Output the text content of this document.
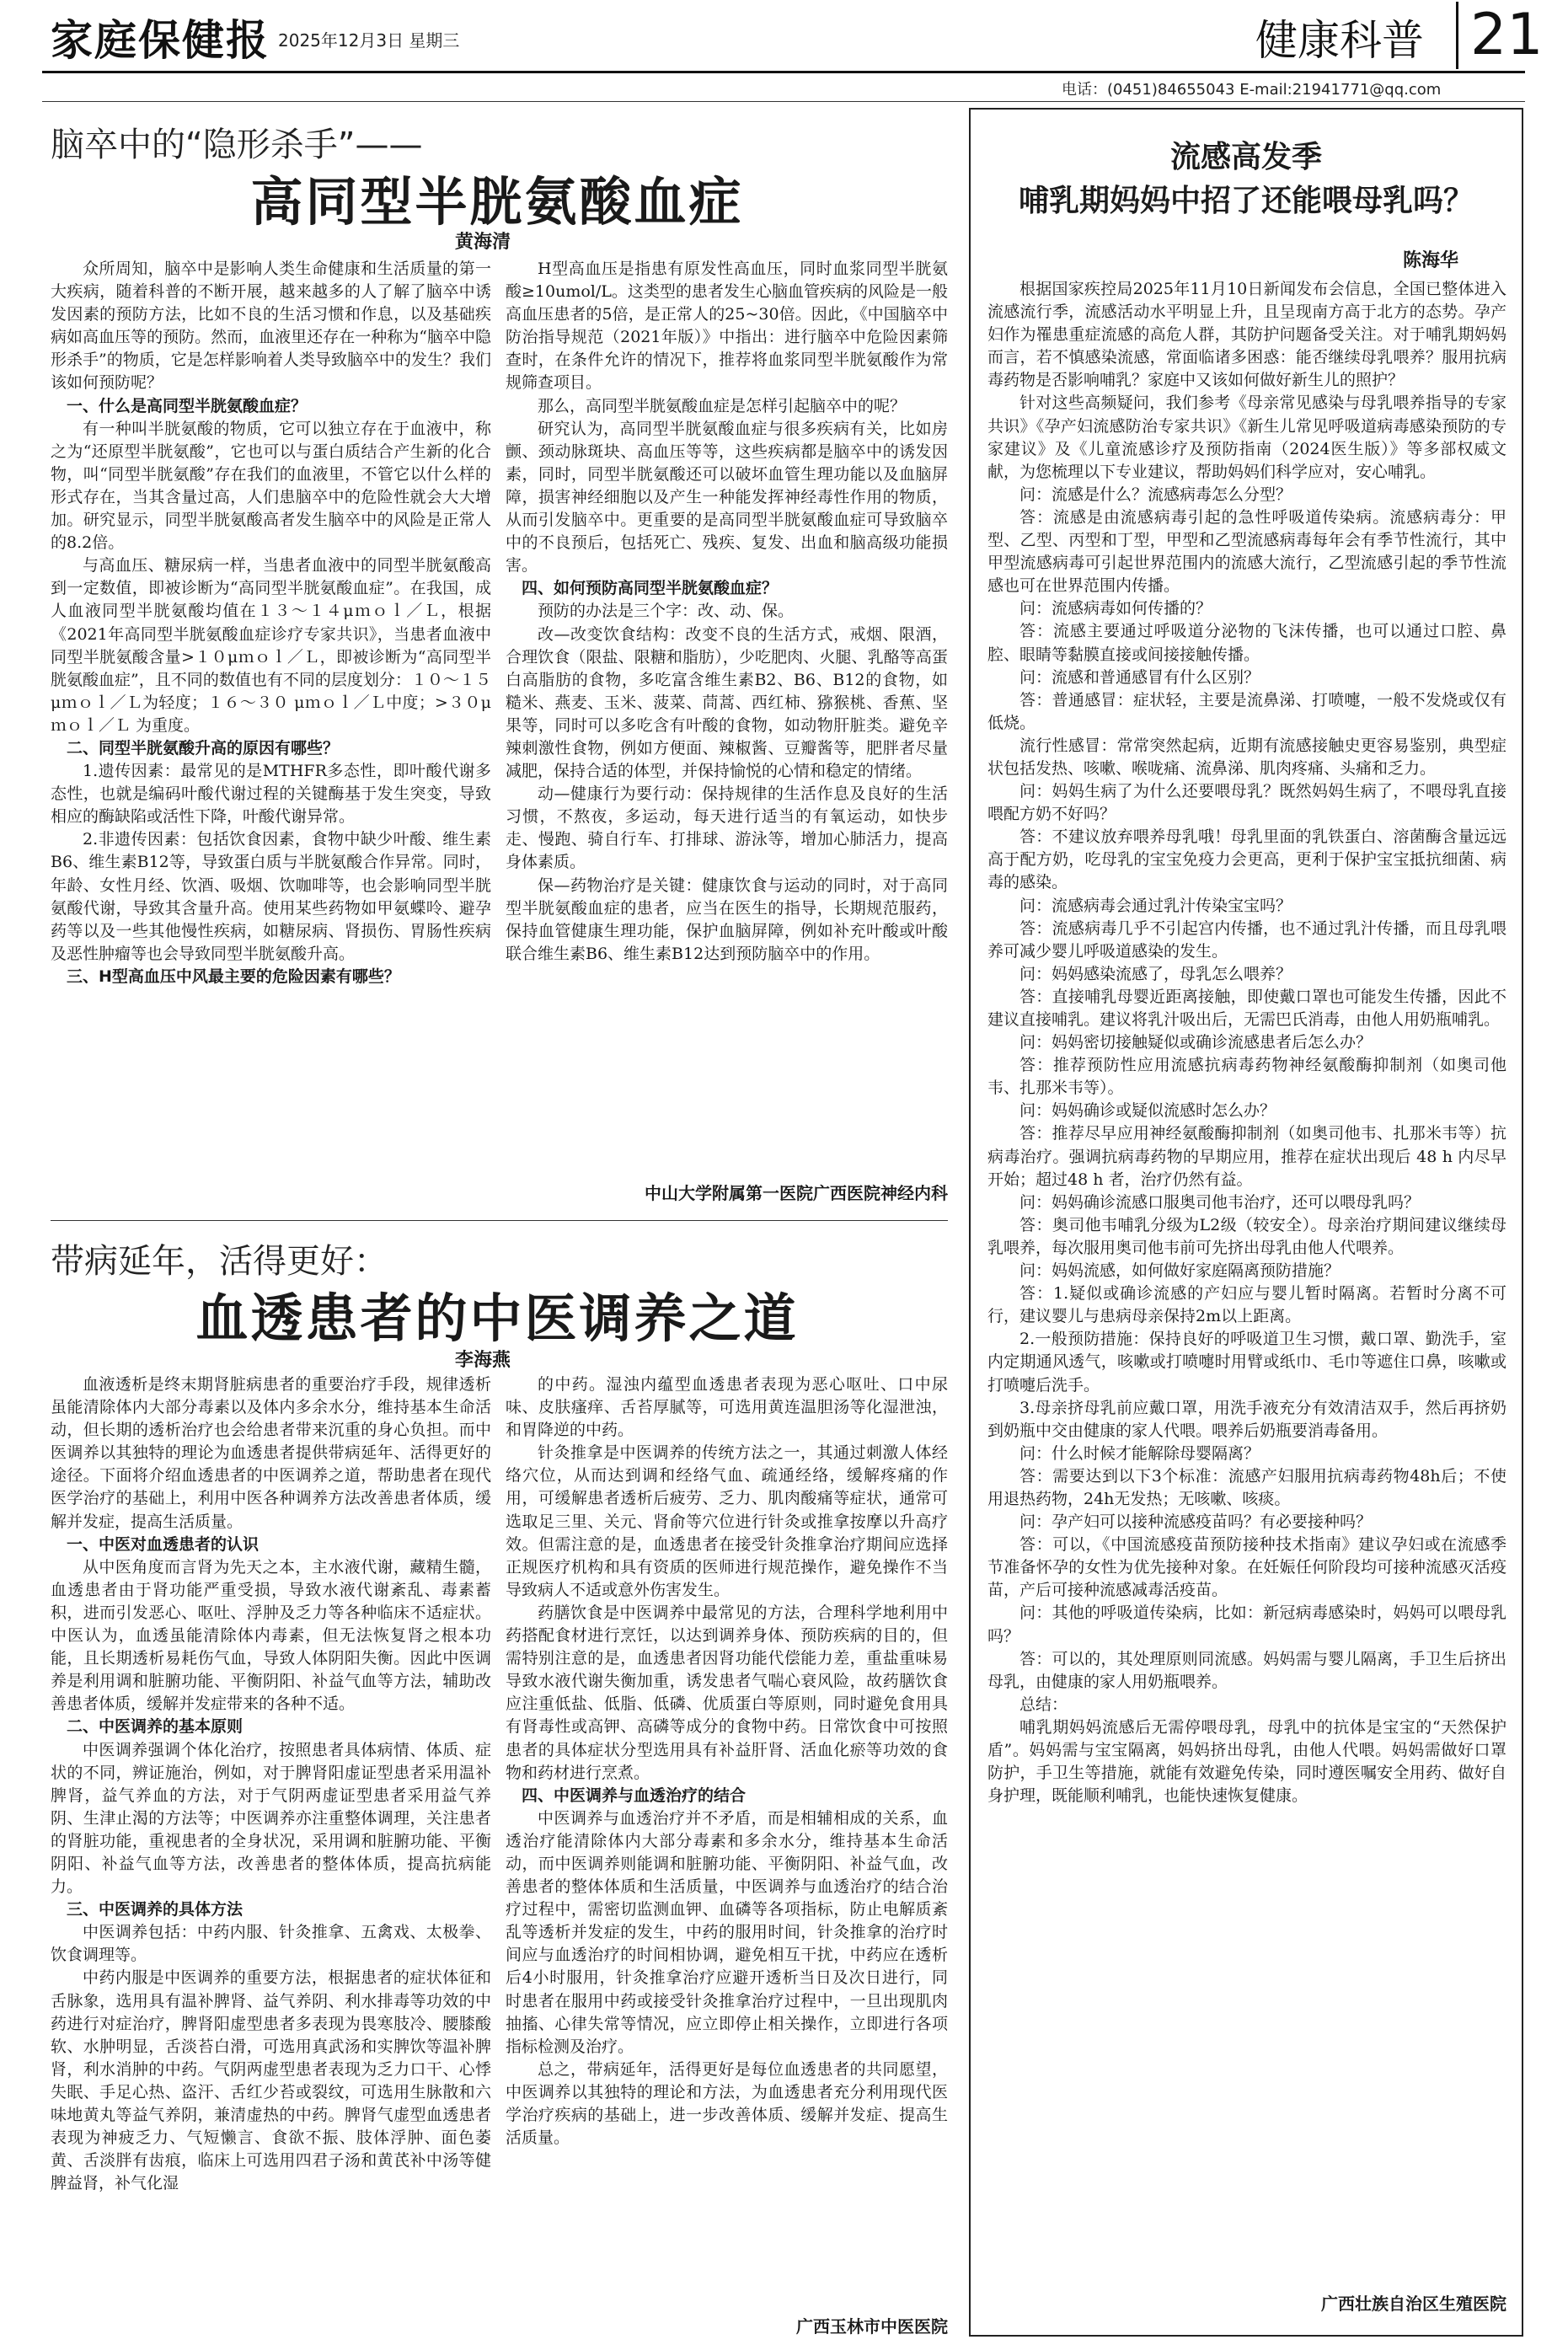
家庭保健报 2025年12月3日 星期三	健康科普 21
电话：(0451)84655043 E-mail:21941771@qq.com
脑卒中的“隐形杀手”——
高同型半胱氨酸血症
黄海清

众所周知，脑卒中是影响人类生命健康和生活质量的第一大疾病，随着科普的不断开展，越来越多的人了解了脑卒中诱发因素的预防方法，比如不良的生活习惯和作息，以及基础疾病如高血压等的预防。然而，血液里还存在一种称为“脑卒中隐形杀手”的物质，它是怎样影响着人类导致脑卒中的发生？我们该如何预防呢？

一、什么是高同型半胱氨酸血症？

有一种叫半胱氨酸的物质，它可以独立存在于血液中，称之为“还原型半胱氨酸”，它也可以与蛋白质结合产生新的化合物，叫“同型半胱氨酸”存在我们的血液里，不管它以什么样的形式存在，当其含量过高，人们患脑卒中的危险性就会大大增加。研究显示，同型半胱氨酸高者发生脑卒中的风险是正常人的8.2倍。

与高血压、糖尿病一样，当患者血液中的同型半胱氨酸高到一定数值，即被诊断为“高同型半胱氨酸血症”。在我国，成人血液同型半胱氨酸均值在１３～１４μｍｏｌ／Ｌ，根据《2021年高同型半胱氨酸血症诊疗专家共识》，当患者血液中同型半胱氨酸含量>１０μｍｏｌ／Ｌ，即被诊断为“高同型半胱氨酸血症”，且不同的数值也有不同的层度划分：１０～１５ μｍｏｌ／Ｌ为轻度；１６～３０ μｍｏｌ／Ｌ中度；>３０μｍｏｌ／Ｌ 为重度。

二、同型半胱氨酸升高的原因有哪些？

1.遗传因素：最常见的是MTHFR多态性，即叶酸代谢多态性，也就是编码叶酸代谢过程的关键酶基于发生突变，导致相应的酶缺陷或活性下降，叶酸代谢异常。

2.非遗传因素：包括饮食因素，食物中缺少叶酸、维生素B6、维生素B12等，导致蛋白质与半胱氨酸合作异常。同时，年龄、女性月经、饮酒、吸烟、饮咖啡等，也会影响同型半胱氨酸代谢，导致其含量升高。使用某些药物如甲氨蝶呤、避孕药等以及一些其他慢性疾病，如糖尿病、肾损伤、胃肠性疾病及恶性肿瘤等也会导致同型半胱氨酸升高。

三、H型高血压中风最主要的危险因素有哪些？

H型高血压是指患有原发性高血压，同时血浆同型半胱氨酸≥10umol/L。这类型的患者发生心脑血管疾病的风险是一般高血压患者的5倍，是正常人的25~30倍。因此，《中国脑卒中防治指导规范（2021年版）》中指出：进行脑卒中危险因素筛查时，在条件允许的情况下，推荐将血浆同型半胱氨酸作为常规筛查项目。

那么，高同型半胱氨酸血症是怎样引起脑卒中的呢？

研究认为，高同型半胱氨酸血症与很多疾病有关，比如房颤、颈动脉斑块、高血压等等，这些疾病都是脑卒中的诱发因素，同时，同型半胱氨酸还可以破坏血管生理功能以及血脑屏障，损害神经细胞以及产生一种能发挥神经毒性作用的物质，从而引发脑卒中。更重要的是高同型半胱氨酸血症可导致脑卒中的不良预后，包括死亡、残疾、复发、出血和脑高级功能损害。

四、如何预防高同型半胱氨酸血症？

预防的办法是三个字：改、动、保。

改—改变饮食结构：改变不良的生活方式，戒烟、限酒，合理饮食（限盐、限糖和脂肪），少吃肥肉、火腿、乳酪等高蛋白高脂肪的食物，多吃富含维生素B2、B6、B12的食物，如糙米、燕麦、玉米、菠菜、茼蒿、西红柿、猕猴桃、香蕉、坚果等，同时可以多吃含有叶酸的食物，如动物肝脏类。避免辛辣刺激性食物，例如方便面、辣椒酱、豆瓣酱等，肥胖者尽量减肥，保持合适的体型，并保持愉悦的心情和稳定的情绪。

动—健康行为要行动：保持规律的生活作息及良好的生活习惯，不熬夜，多运动，每天进行适当的有氧运动，如快步走、慢跑、骑自行车、打排球、游泳等，增加心肺活力，提高身体素质。

保—药物治疗是关键：健康饮食与运动的同时，对于高同型半胱氨酸血症的患者，应当在医生的指导，长期规范服药，保持血管健康生理功能，保护血脑屏障，例如补充叶酸或叶酸联合维生素B6、维生素B12达到预防脑卒中的作用。

中山大学附属第一医院广西医院神经内科
带病延年，活得更好：
血透患者的中医调养之道
李海燕

血液透析是终末期肾脏病患者的重要治疗手段，规律透析虽能清除体内大部分毒素以及体内多余水分，维持基本生命活动，但长期的透析治疗也会给患者带来沉重的身心负担。而中医调养以其独特的理论为血透患者提供带病延年、活得更好的途径。下面将介绍血透患者的中医调养之道，帮助患者在现代医学治疗的基础上，利用中医各种调养方法改善患者体质，缓解并发症，提高生活质量。

一、中医对血透患者的认识

从中医角度而言肾为先天之本，主水液代谢，藏精生髓，血透患者由于肾功能严重受损，导致水液代谢紊乱、毒素蓄积，进而引发恶心、呕吐、浮肿及乏力等各种临床不适症状。中医认为，血透虽能清除体内毒素，但无法恢复肾之根本功能，且长期透析易耗伤气血，导致人体阴阳失衡。因此中医调养是利用调和脏腑功能、平衡阴阳、补益气血等方法，辅助改善患者体质，缓解并发症带来的各种不适。

二、中医调养的基本原则

中医调养强调个体化治疗，按照患者具体病情、体质、症状的不同，辨证施治，例如，对于脾肾阳虚证型患者采用温补脾肾，益气养血的方法，对于气阴两虚证型患者采用益气养阴、生津止渴的方法等；中医调养亦注重整体调理，关注患者的肾脏功能，重视患者的全身状况，采用调和脏腑功能、平衡阴阳、补益气血等方法，改善患者的整体体质，提高抗病能力。

三、中医调养的具体方法

中医调养包括：中药内服、针灸推拿、五禽戏、太极拳、饮食调理等。

中药内服是中医调养的重要方法，根据患者的症状体征和舌脉象，选用具有温补脾肾、益气养阴、利水排毒等功效的中药进行对症治疗，脾肾阳虚型患者多表现为畏寒肢冷、腰膝酸软、水肿明显，舌淡苔白滑，可选用真武汤和实脾饮等温补脾肾，利水消肿的中药。气阴两虚型患者表现为乏力口干、心悸失眠、手足心热、盗汗、舌红少苔或裂纹，可选用生脉散和六味地黄丸等益气养阴，兼清虚热的中药。脾肾气虚型血透患者表现为神疲乏力、气短懒言、食欲不振、肢体浮肿、面色萎黄、舌淡胖有齿痕，临床上可选用四君子汤和黄芪补中汤等健脾益肾，补气化湿

的中药。湿浊内蕴型血透患者表现为恶心呕吐、口中尿味、皮肤瘙痒、舌苔厚腻等，可选用黄连温胆汤等化湿泄浊，和胃降逆的中药。

针灸推拿是中医调养的传统方法之一，其通过刺激人体经络穴位，从而达到调和经络气血、疏通经络，缓解疼痛的作用，可缓解患者透析后疲劳、乏力、肌肉酸痛等症状，通常可选取足三里、关元、肾俞等穴位进行针灸或推拿按摩以升高疗效。但需注意的是，血透患者在接受针灸推拿治疗期间应选择正规医疗机构和具有资质的医师进行规范操作，避免操作不当导致病人不适或意外伤害发生。

药膳饮食是中医调养中最常见的方法，合理科学地利用中药搭配食材进行烹饪，以达到调养身体、预防疾病的目的，但需特别注意的是，血透患者因肾功能代偿能力差，重盐重味易导致水液代谢失衡加重，诱发患者气喘心衰风险，故药膳饮食应注重低盐、低脂、低磷、优质蛋白等原则，同时避免食用具有肾毒性或高钾、高磷等成分的食物中药。日常饮食中可按照患者的具体症状分型选用具有补益肝肾、活血化瘀等功效的食物和药材进行烹煮。

四、中医调养与血透治疗的结合

中医调养与血透治疗并不矛盾，而是相辅相成的关系，血透治疗能清除体内大部分毒素和多余水分，维持基本生命活动，而中医调养则能调和脏腑功能、平衡阴阳、补益气血，改善患者的整体体质和生活质量，中医调养与血透治疗的结合治疗过程中，需密切监测血钾、血磷等各项指标，防止电解质紊乱等透析并发症的发生，中药的服用时间，针灸推拿的治疗时间应与血透治疗的时间相协调，避免相互干扰，中药应在透析后4小时服用，针灸推拿治疗应避开透析当日及次日进行，同时患者在服用中药或接受针灸推拿治疗过程中，一旦出现肌肉抽搐、心律失常等情况，应立即停止相关操作，立即进行各项指标检测及治疗。

总之，带病延年，活得更好是每位血透患者的共同愿望，中医调养以其独特的理论和方法，为血透患者充分利用现代医学治疗疾病的基础上，进一步改善体质、缓解并发症、提高生活质量。

广西玉林市中医医院
流感高发季
哺乳期妈妈中招了还能喂母乳吗？
陈海华

根据国家疾控局2025年11月10日新闻发布会信息，全国已整体进入流感流行季，流感活动水平明显上升，且呈现南方高于北方的态势。孕产妇作为罹患重症流感的高危人群，其防护问题备受关注。对于哺乳期妈妈而言，若不慎感染流感，常面临诸多困惑：能否继续母乳喂养？服用抗病毒药物是否影响哺乳？家庭中又该如何做好新生儿的照护？

针对这些高频疑问，我们参考《母亲常见感染与母乳喂养指导的专家共识》《孕产妇流感防治专家共识》《新生儿常见呼吸道病毒感染预防的专家建议》及《儿童流感诊疗及预防指南（2024医生版）》等多部权威文献，为您梳理以下专业建议，帮助妈妈们科学应对，安心哺乳。

问：流感是什么？流感病毒怎么分型？

答：流感是由流感病毒引起的急性呼吸道传染病。流感病毒分：甲型、乙型、丙型和丁型，甲型和乙型流感病毒每年会有季节性流行，其中甲型流感病毒可引起世界范围内的流感大流行，乙型流感引起的季节性流感也可在世界范围内传播。

问：流感病毒如何传播的？

答：流感主要通过呼吸道分泌物的飞沫传播，也可以通过口腔、鼻腔、眼睛等黏膜直接或间接接触传播。

问：流感和普通感冒有什么区别？

答：普通感冒：症状轻，主要是流鼻涕、打喷嚏，一般不发烧或仅有低烧。

流行性感冒：常常突然起病，近期有流感接触史更容易鉴别，典型症状包括发热、咳嗽、喉咙痛、流鼻涕、肌肉疼痛、头痛和乏力。

问：妈妈生病了为什么还要喂母乳？既然妈妈生病了，不喂母乳直接喂配方奶不好吗？

答：不建议放弃喂养母乳哦！母乳里面的乳铁蛋白、溶菌酶含量远远高于配方奶，吃母乳的宝宝免疫力会更高，更利于保护宝宝抵抗细菌、病毒的感染。

问：流感病毒会通过乳汁传染宝宝吗？

答：流感病毒几乎不引起宫内传播，也不通过乳汁传播，而且母乳喂养可减少婴儿呼吸道感染的发生。

问：妈妈感染流感了，母乳怎么喂养？

答：直接哺乳母婴近距离接触，即使戴口罩也可能发生传播，因此不建议直接哺乳。建议将乳汁吸出后，无需巴氏消毒，由他人用奶瓶哺乳。

问：妈妈密切接触疑似或确诊流感患者后怎么办？

答：推荐预防性应用流感抗病毒药物神经氨酸酶抑制剂（如奥司他韦、扎那米韦等）。

问：妈妈确诊或疑似流感时怎么办？

答：推荐尽早应用神经氨酸酶抑制剂（如奥司他韦、扎那米韦等）抗病毒治疗。强调抗病毒药物的早期应用，推荐在症状出现后 48 h 内尽早开始；超过48 h 者，治疗仍然有益。

问：妈妈确诊流感口服奥司他韦治疗，还可以喂母乳吗？

答：奥司他韦哺乳分级为L2级（较安全）。母亲治疗期间建议继续母乳喂养，每次服用奥司他韦前可先挤出母乳由他人代喂养。

问：妈妈流感，如何做好家庭隔离预防措施？

答：1.疑似或确诊流感的产妇应与婴儿暂时隔离。若暂时分离不可行，建议婴儿与患病母亲保持2m以上距离。

2.一般预防措施：保持良好的呼吸道卫生习惯，戴口罩、勤洗手，室内定期通风透气，咳嗽或打喷嚏时用臂或纸巾、毛巾等遮住口鼻，咳嗽或打喷嚏后洗手。

3.母亲挤母乳前应戴口罩，用洗手液充分有效清洁双手，然后再挤奶到奶瓶中交由健康的家人代喂。喂养后奶瓶要消毒备用。

问：什么时候才能解除母婴隔离？

答：需要达到以下3个标准：流感产妇服用抗病毒药物48h后；不使用退热药物，24h无发热；无咳嗽、咳痰。

问：孕产妇可以接种流感疫苗吗？有必要接种吗？

答：可以，《中国流感疫苗预防接种技术指南》建议孕妇或在流感季节准备怀孕的女性为优先接种对象。在妊娠任何阶段均可接种流感灭活疫苗，产后可接种流感减毒活疫苗。

问：其他的呼吸道传染病，比如：新冠病毒感染时，妈妈可以喂母乳吗？

答：可以的，其处理原则同流感。妈妈需与婴儿隔离，手卫生后挤出母乳，由健康的家人用奶瓶喂养。

总结：

哺乳期妈妈流感后无需停喂母乳，母乳中的抗体是宝宝的“天然保护盾”。妈妈需与宝宝隔离，妈妈挤出母乳，由他人代喂。妈妈需做好口罩防护，手卫生等措施，就能有效避免传染，同时遵医嘱安全用药、做好自身护理，既能顺利哺乳，也能快速恢复健康。

广西壮族自治区生殖医院
